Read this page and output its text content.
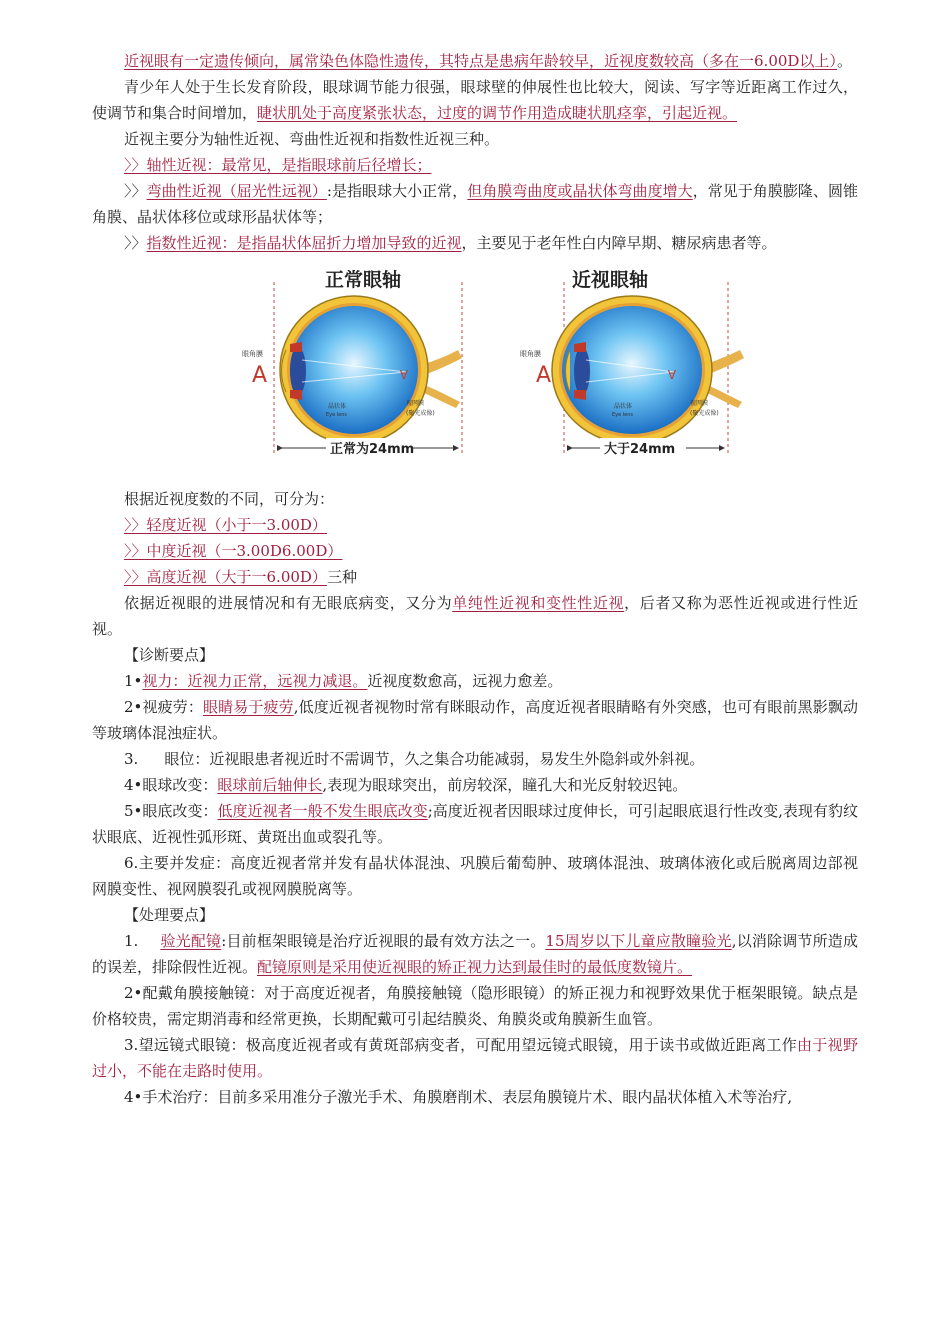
近视眼有一定遗传倾向，属常染色体隐性遗传，其特点是患病年龄较早，近视度数较高（多在一6.00D以上）。

青少年人处于生长发育阶段，眼球调节能力很强，眼球壁的伸展性也比较大，阅读、写字等近距离工作过久，使调节和集合时间增加，睫状肌处于高度紧张状态，过度的调节作用造成睫状肌痉挛，引起近视。

近视主要分为轴性近视、弯曲性近视和指数性近视三种。

〉〉轴性近视：最常见，是指眼球前后径增长；

〉〉弯曲性近视（屈光性远视）:是指眼球大小正常，但角膜弯曲度或晶状体弯曲度增大，常见于角膜膨隆、圆锥角膜、晶状体移位或球形晶状体等；

〉〉指数性近视：是指晶状体屈折力增加导致的近视，主要见于老年性白内障早期、糖尿病患者等。

正常眼轴	近视眼轴
眼角膜
A	A
晶状体
Eye lens
视网膜
(聚光成像)
正常为24mm
眼角膜
A	A
晶状体
Eye lens
视网膜
(聚光成像)
大于24mm

根据近视度数的不同，可分为：

〉〉轻度近视（小于一3.00D）

〉〉中度近视（一3.00D6.00D）

〉〉高度近视（大于一6.00D）三种

依据近视眼的进展情况和有无眼底病变，又分为单纯性近视和变性性近视，后者又称为恶性近视或进行性近视。

【诊断要点】

1•视力：近视力正常，远视力减退。近视度数愈高，远视力愈差。

2•视疲劳：眼睛易于疲劳,低度近视者视物时常有眯眼动作，高度近视者眼睛略有外突感，也可有眼前黑影飘动等玻璃体混浊症状。

3. 眼位：近视眼患者视近时不需调节，久之集合功能减弱，易发生外隐斜或外斜视。

4•眼球改变：眼球前后轴伸长,表现为眼球突出，前房较深，瞳孔大和光反射较迟钝。

5•眼底改变：低度近视者一般不发生眼底改变;高度近视者因眼球过度伸长，可引起眼底退行性改变,表现有豹纹状眼底、近视性弧形斑、黄斑出血或裂孔等。

6.主要并发症：高度近视者常并发有晶状体混浊、巩膜后葡萄肿、玻璃体混浊、玻璃体液化或后脱离周边部视网膜变性、视网膜裂孔或视网膜脱离等。

【处理要点】

1. 验光配镜:目前框架眼镜是治疗近视眼的最有效方法之一。15周岁以下儿童应散瞳验光,以消除调节所造成的误差，排除假性近视。配镜原则是采用使近视眼的矫正视力达到最佳时的最低度数镜片。

2•配戴角膜接触镜：对于高度近视者，角膜接触镜（隐形眼镜）的矫正视力和视野效果优于框架眼镜。缺点是价格较贵，需定期消毒和经常更换，长期配戴可引起结膜炎、角膜炎或角膜新生血管。

3.望远镜式眼镜：极高度近视者或有黄斑部病变者，可配用望远镜式眼镜，用于读书或做近距离工作由于视野过小，不能在走路时使用。

4•手术治疗：目前多采用准分子激光手术、角膜磨削术、表层角膜镜片术、眼内晶状体植入术等治疗,
